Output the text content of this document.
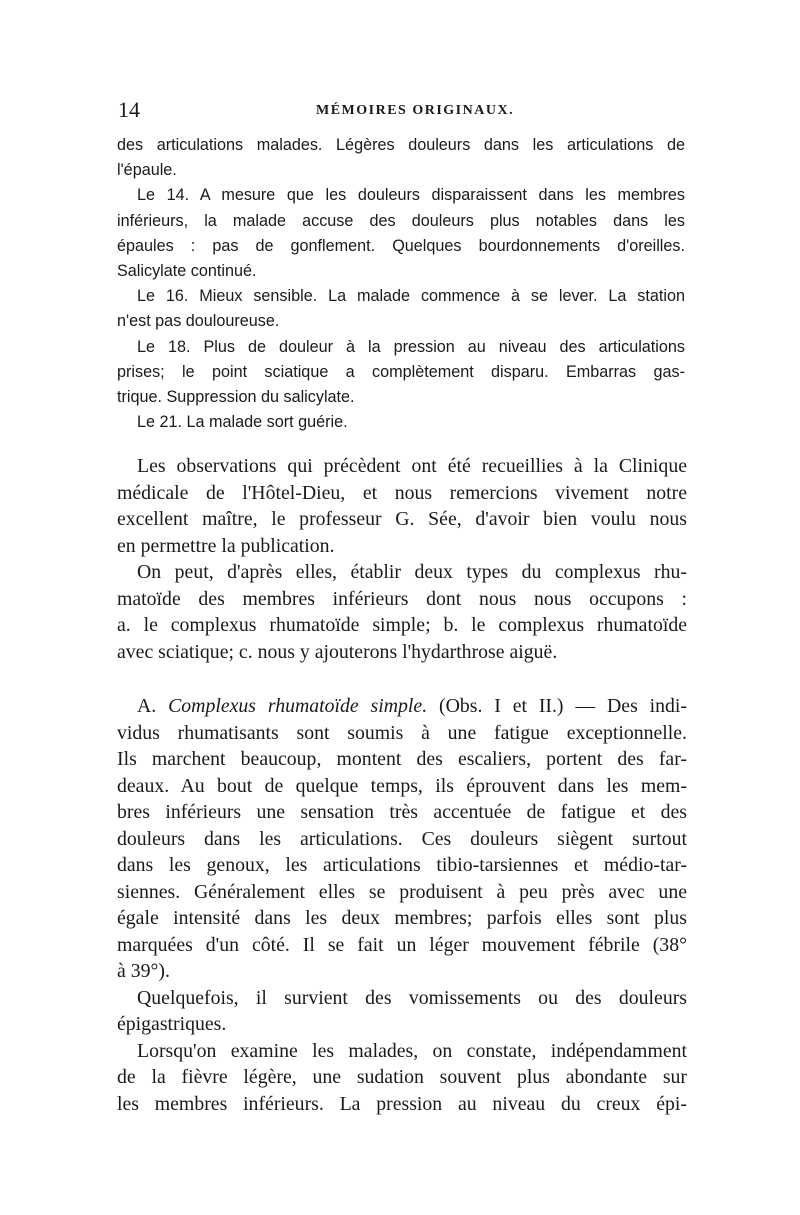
14	MÉMOIRES ORIGINAUX.
des articulations malades. Légères douleurs dans les articulations de
l'épaule.
Le 14. A mesure que les douleurs disparaissent dans les membres
inférieurs, la malade accuse des douleurs plus notables dans les
épaules : pas de gonflement. Quelques bourdonnements d'oreilles.
Salicylate continué.
Le 16. Mieux sensible. La malade commence à se lever. La station
n'est pas douloureuse.
Le 18. Plus de douleur à la pression au niveau des articulations
prises; le point sciatique a complètement disparu. Embarras gas-
trique. Suppression du salicylate.
Le 21. La malade sort guérie.
Les observations qui précèdent ont été recueillies à la Clinique
médicale de l'Hôtel-Dieu, et nous remercions vivement notre
excellent maître, le professeur G. Sée, d'avoir bien voulu nous
en permettre la publication.
On peut, d'après elles, établir deux types du complexus rhu-
matoïde des membres inférieurs dont nous nous occupons :
a. le complexus rhumatoïde simple; b. le complexus rhumatoïde
avec sciatique; c. nous y ajouterons l'hydarthrose aiguë.
A. Complexus rhumatoïde simple. (Obs. I et II.) — Des indi-
vidus rhumatisants sont soumis à une fatigue exceptionnelle.
Ils marchent beaucoup, montent des escaliers, portent des far-
deaux. Au bout de quelque temps, ils éprouvent dans les mem-
bres inférieurs une sensation très accentuée de fatigue et des
douleurs dans les articulations. Ces douleurs siègent surtout
dans les genoux, les articulations tibio-tarsiennes et médio-tar-
siennes. Généralement elles se produisent à peu près avec une
égale intensité dans les deux membres; parfois elles sont plus
marquées d'un côté. Il se fait un léger mouvement fébrile (38°
à 39°).
Quelquefois, il survient des vomissements ou des douleurs
épigastriques.
Lorsqu'on examine les malades, on constate, indépendamment
de la fièvre légère, une sudation souvent plus abondante sur
les membres inférieurs. La pression au niveau du creux épi-
